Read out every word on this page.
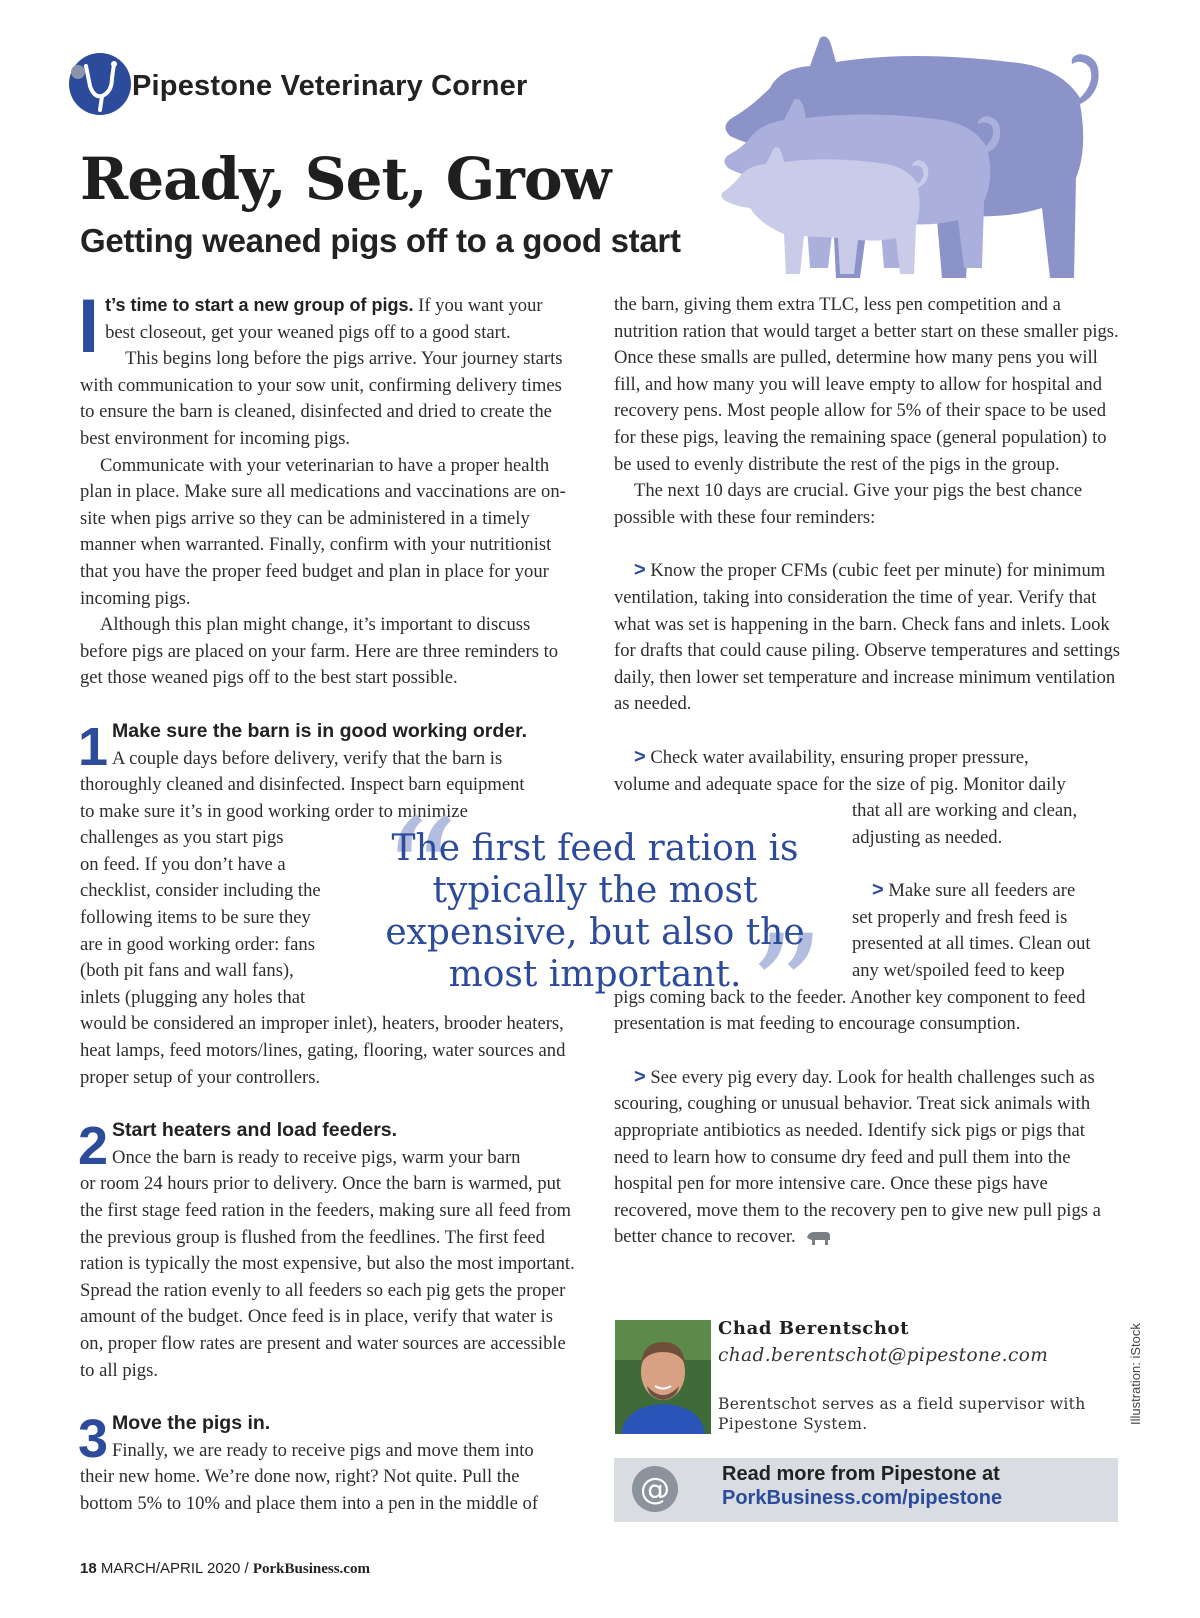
Pipestone Veterinary Corner
Ready, Set, Grow
Getting weaned pigs off to a good start

It’s time to start a new group of pigs. If you want your best closeout, get your weaned pigs off to a good start.

This begins long before the pigs arrive. Your journey starts with communication to your sow unit, confirming delivery times to ensure the barn is cleaned, disinfected and dried to create the best environment for incoming pigs.

Communicate with your veterinarian to have a proper health plan in place. Make sure all medications and vaccinations are on-site when pigs arrive so they can be administered in a timely manner when warranted. Finally, confirm with your nutritionist that you have the proper feed budget and plan in place for your incoming pigs.

Although this plan might change, it’s important to discuss before pigs are placed on your farm. Here are three reminders to get those weaned pigs off to the best start possible.

1 Make sure the barn is in good working order.
A couple days before delivery, verify that the barn is

thoroughly cleaned and disinfected. Inspect barn equipment

to make sure it’s in good working order to minimize

challenges as you start pigs

on feed. If you don’t have a

checklist, consider including the

following items to be sure they

are in good working order: fans

(both pit fans and wall fans),

inlets (plugging any holes that

would be considered an improper inlet), heaters, brooder heaters, heat lamps, feed motors/lines, gating, flooring, water sources and proper setup of your controllers.

2 Start heaters and load feeders.
Once the barn is ready to receive pigs, warm your barn

or room 24 hours prior to delivery. Once the barn is warmed, put the first stage feed ration in the feeders, making sure all feed from the previous group is flushed from the feedlines. The first feed ration is typically the most expensive, but also the most important. Spread the ration evenly to all feeders so each pig gets the proper amount of the budget. Once feed is in place, verify that water is on, proper flow rates are present and water sources are accessible to all pigs.

3 Move the pigs in.
Finally, we are ready to receive pigs and move them into

their new home. We’re done now, right? Not quite. Pull the bottom 5% to 10% and place them into a pen in the middle of

the barn, giving them extra TLC, less pen competition and a nutrition ration that would target a better start on these smaller pigs. Once these smalls are pulled, determine how many pens you will fill, and how many you will leave empty to allow for hospital and recovery pens. Most people allow for 5% of their space to be used for these pigs, leaving the remaining space (general population) to be used to evenly distribute the rest of the pigs in the group.

The next 10 days are crucial. Give your pigs the best chance possible with these four reminders:

> Know the proper CFMs (cubic feet per minute) for minimum ventilation, taking into consideration the time of year. Verify that what was set is happening in the barn. Check fans and inlets. Look for drafts that could cause piling. Observe temperatures and settings daily, then lower set temperature and increase minimum ventilation as needed.

> Check water availability, ensuring proper pressure,

volume and adequate space for the size of pig. Monitor daily

that all are working and clean,

adjusting as needed.

> Make sure all feeders are

set properly and fresh feed is

presented at all times. Clean out

any wet/spoiled feed to keep

pigs coming back to the feeder. Another key component to feed presentation is mat feeding to encourage consumption.

> See every pig every day. Look for health challenges such as scouring, coughing or unusual behavior. Treat sick animals with appropriate antibiotics as needed. Identify sick pigs or pigs that need to learn how to consume dry feed and pull them into the hospital pen for more intensive care. Once these pigs have recovered, move them to the recovery pen to give new pull pigs a better chance to recover.

“
”

The first feed ration is typically the most expensive, but also the most important.

Chad Berentschot
chad.berentschot@pipestone.com
Berentschot serves as a field supervisor with Pipestone System.
@	Read more from Pipestone at
PorkBusiness.com/pipestone
Illustration: iStock
18 MARCH/APRIL 2020 / PorkBusiness.com
